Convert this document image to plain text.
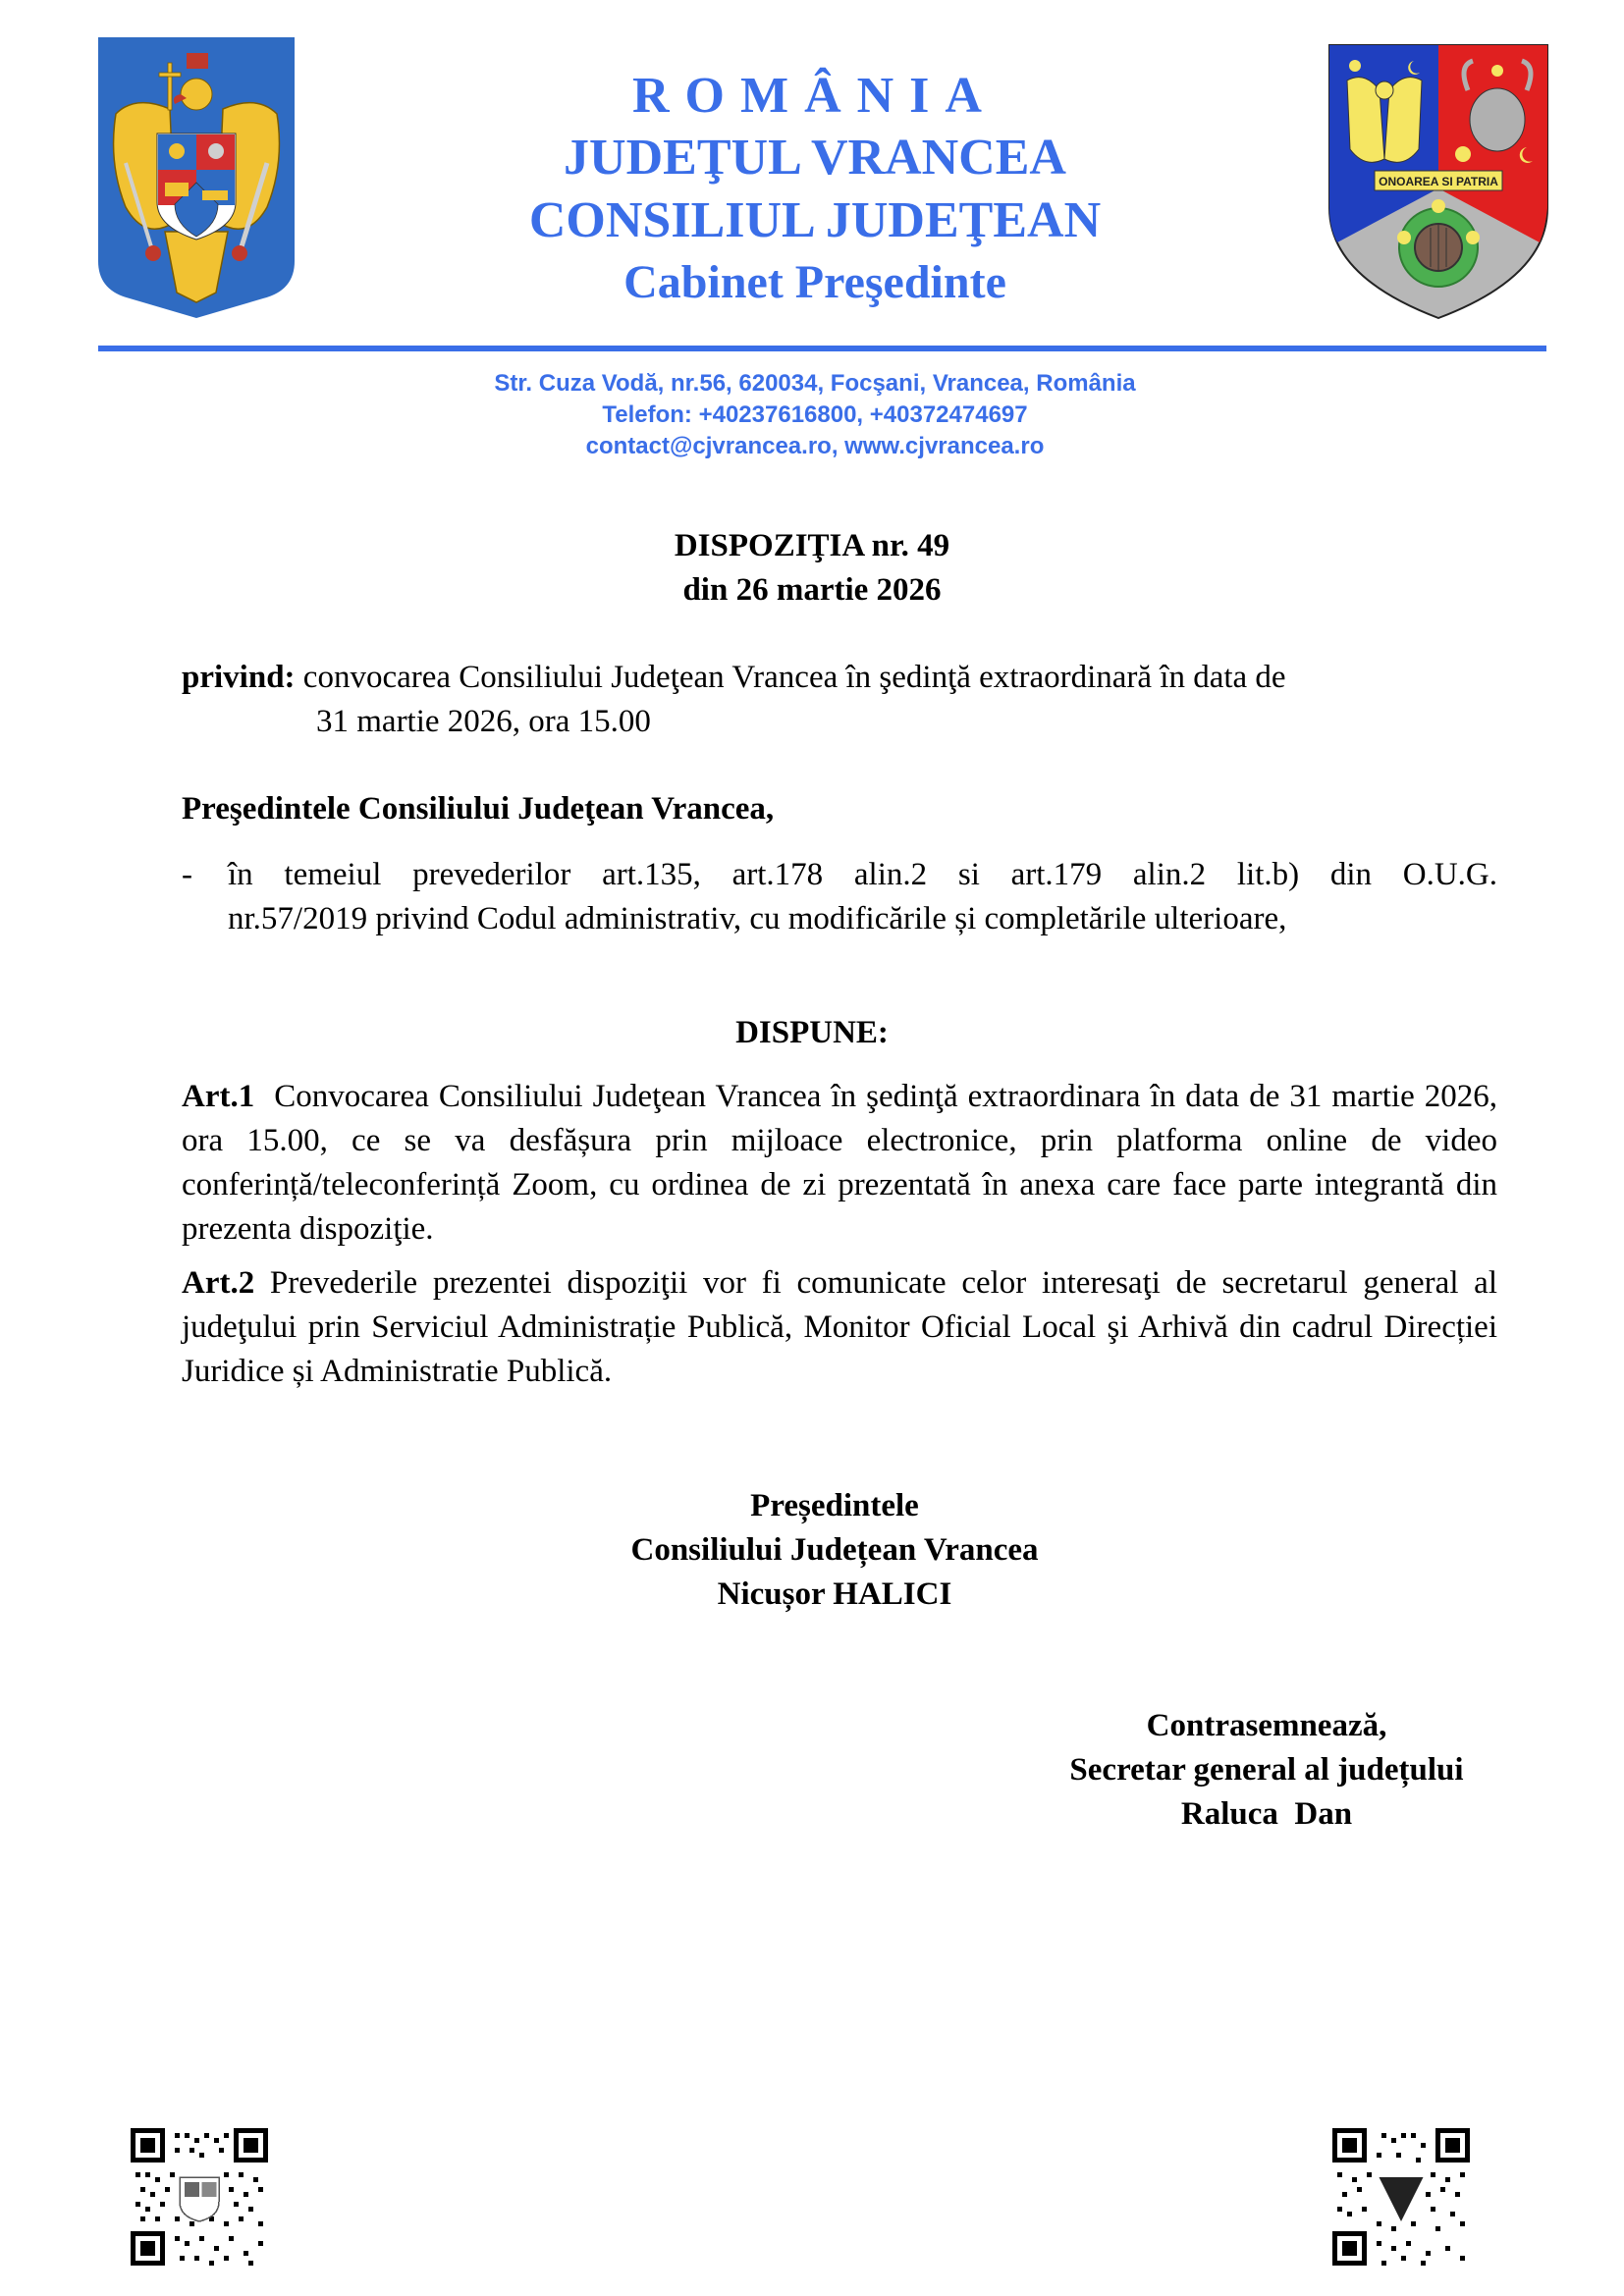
ROMÂNIA
JUDEŢUL VRANCEA
CONSILIUL JUDEŢEAN
Cabinet Preşedinte
ONOAREA SI PATRIA
Str. Cuza Vodă, nr.56, 620034, Focşani, Vrancea, România
Telefon: +40237616800, +40372474697
contact@cjvrancea.ro, www.cjvrancea.ro
DISPOZIŢIA nr. 49
din 26 martie 2026
privind: convocarea Consiliului Judeţean Vrancea în şedinţă extraordinară în data de
31 martie 2026, ora 15.00
Preşedintele Consiliului Judeţean Vrancea,
- în temeiul prevederilor art.135, art.178 alin.2 si art.179 alin.2 lit.b) din O.U.G.
nr.57/2019 privind Codul administrativ, cu modificările și completările ulterioare,
DISPUNE:
Art.1  Convocarea Consiliului Judeţean Vrancea în şedinţă extraordinara în data de 31 martie 2026, ora 15.00, ce se va desfășura prin mijloace electronice, prin platforma online de video conferință/teleconferință Zoom, cu ordinea de zi prezentată în anexa care face parte integrantă din prezenta dispoziţie.
Art.2 Prevederile prezentei dispoziţii vor fi comunicate celor interesaţi de secretarul general al judeţului prin Serviciul Administrație Publică, Monitor Oficial Local şi Arhivă din cadrul Direcției Juridice și Administratie Publică.
Președintele
Consiliului Județean Vrancea
Nicușor HALICI
Contrasemnează,
Secretar general al județului
Raluca  Dan
